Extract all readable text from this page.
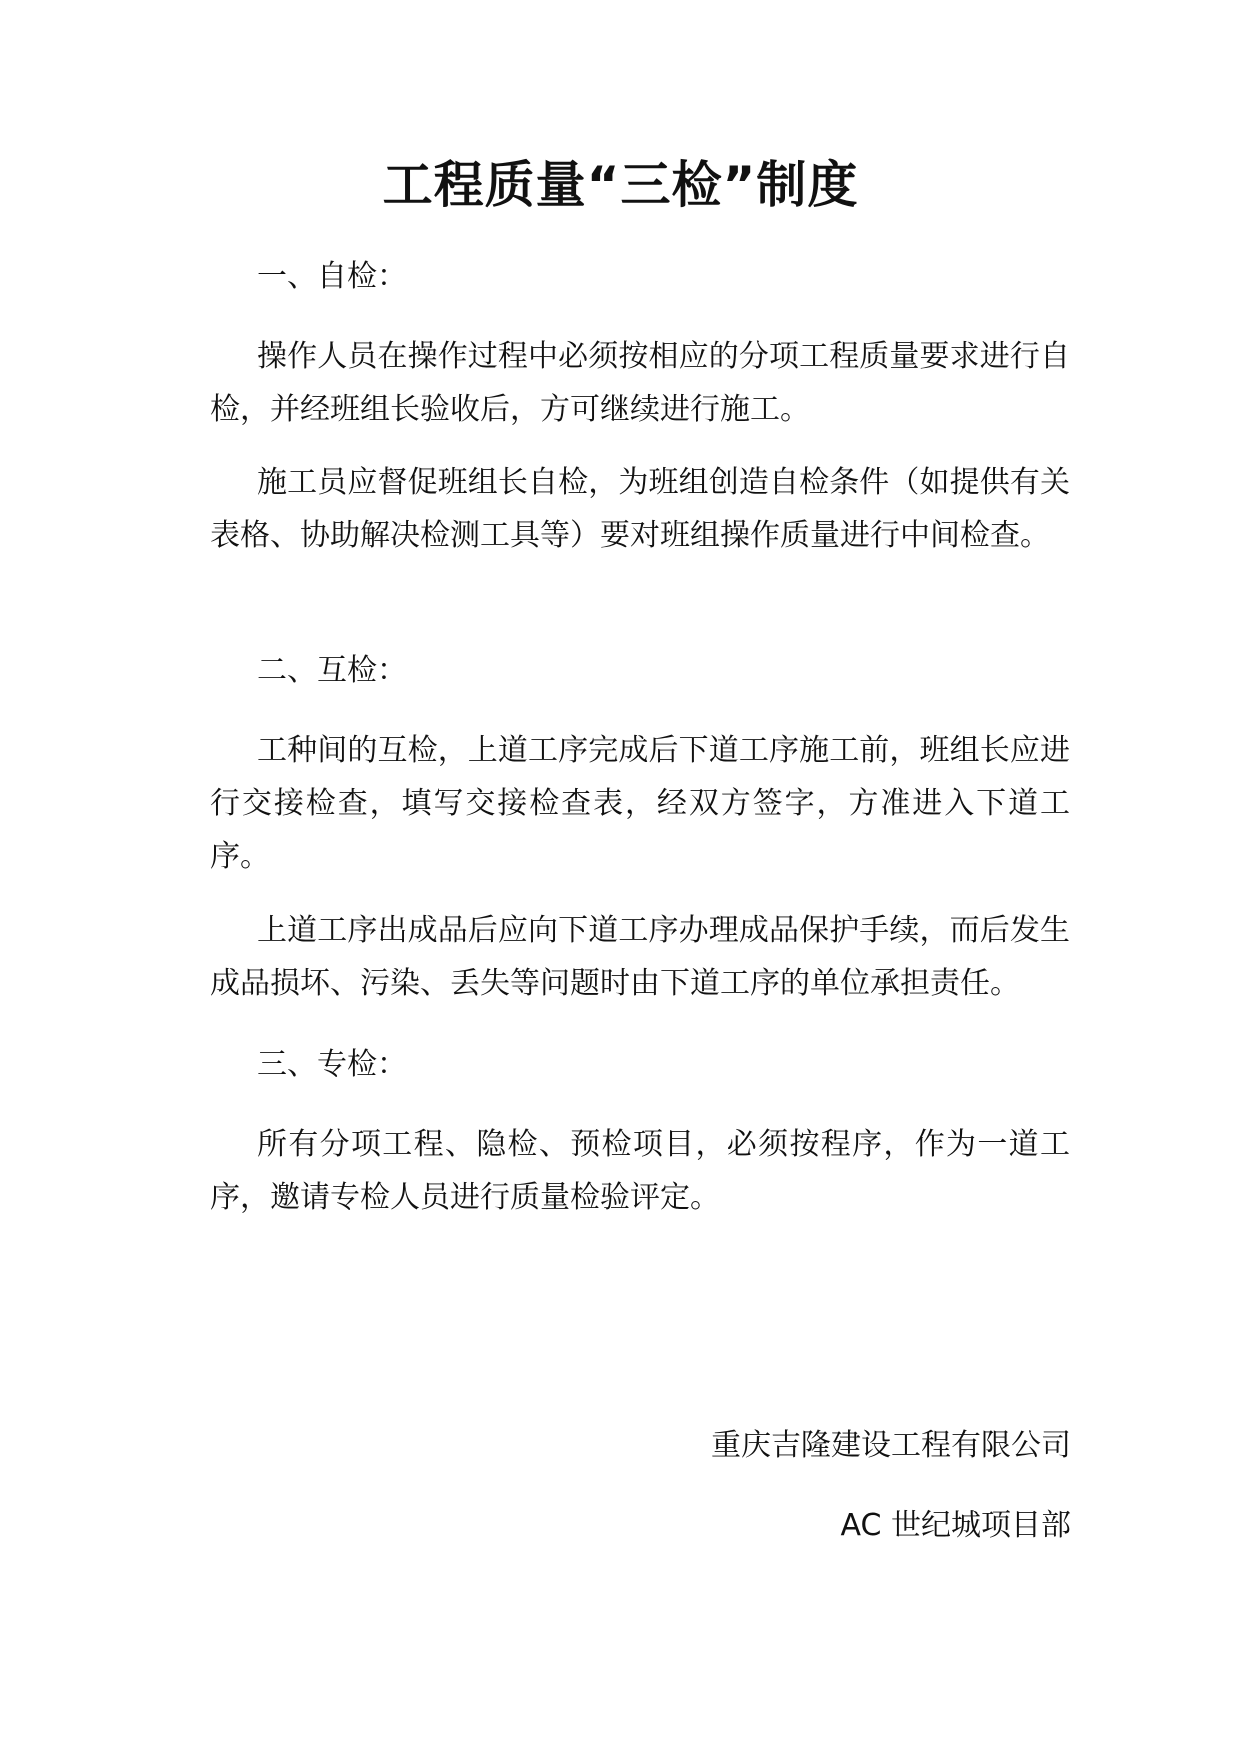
工程质量“三检”制度
一、自检：

操作人员在操作过程中必须按相应的分项工程质量要求进行自检，并经班组长验收后，方可继续进行施工。

施工员应督促班组长自检，为班组创造自检条件（如提供有关表格、协助解决检测工具等）要对班组操作质量进行中间检查。

二、互检：

工种间的互检，上道工序完成后下道工序施工前，班组长应进行交接检查，填写交接检查表，经双方签字，方准进入下道工序。

上道工序出成品后应向下道工序办理成品保护手续，而后发生成品损坏、污染、丢失等问题时由下道工序的单位承担责任。

三、专检：

所有分项工程、隐检、预检项目，必须按程序，作为一道工序，邀请专检人员进行质量检验评定。

重庆吉隆建设工程有限公司
AC 世纪城项目部
